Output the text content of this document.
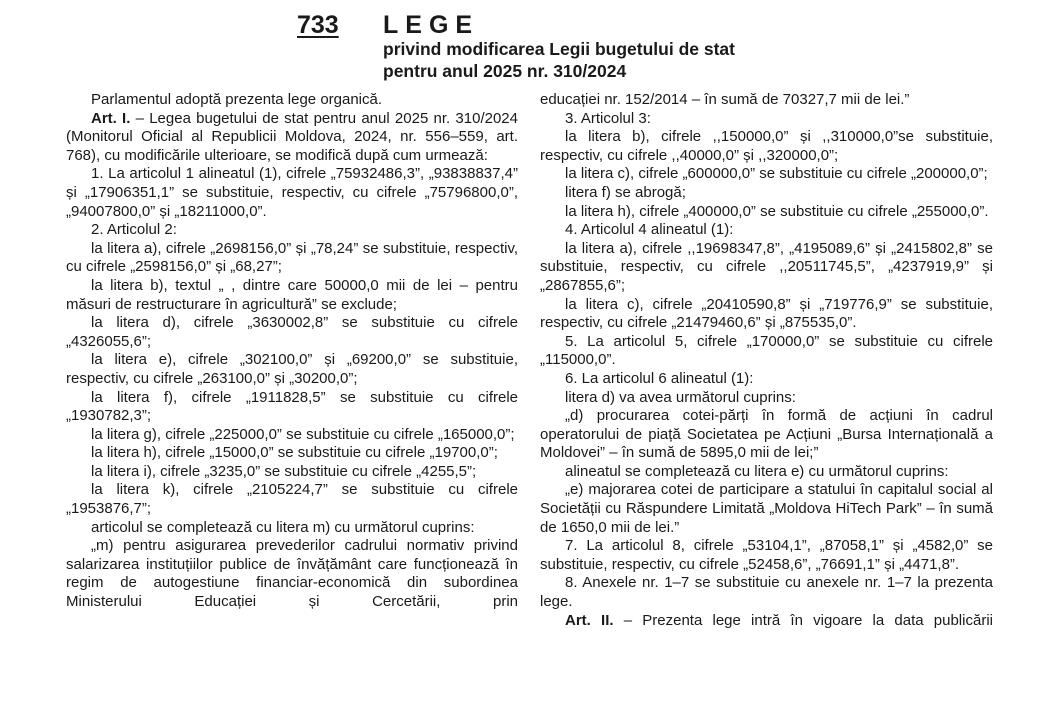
733 LEGE
privind modificarea Legii bugetului de stat
pentru anul 2025 nr. 310/2024

Parlamentul adoptă prezenta lege organică.

Art. I. – Legea bugetului de stat pentru anul 2025 nr. 310/2024 (Monitorul Oficial al Republicii Moldova, 2024, nr. 556–559, art. 768), cu modificările ulterioare, se modifică după cum urmează:

1. La articolul 1 alineatul (1), cifrele „75932486,3”, „93838837,4” și „17906351,1” se substituie, respectiv, cu cifrele „75796800,0”, „94007800,0” și „18211000,0”.

2. Articolul 2:

la litera a), cifrele „2698156,0” și „78,24” se substituie, respectiv, cu cifrele „2598156,0” și „68,27”;

la litera b), textul „ , dintre care 50000,0 mii de lei – pentru măsuri de restructurare în agricultură” se exclude;

la litera d), cifrele „3630002,8” se substituie cu cifrele „4326055,6”;

la litera e), cifrele „302100,0” și „69200,0” se substituie, respectiv, cu cifrele „263100,0” și „30200,0”;

la litera f), cifrele „1911828,5” se substituie cu cifrele „1930782,3”;

la litera g), cifrele „225000,0” se substituie cu cifrele „165000,0”;

la litera h), cifrele „15000,0” se substituie cu cifrele „19700,0”;

la litera i), cifrele „3235,0” se substituie cu cifrele „4255,5”;

la litera k), cifrele „2105224,7” se substituie cu cifrele „1953876,7”;

articolul se completează cu litera m) cu următorul cuprins:

„m) pentru asigurarea prevederilor cadrului normativ privind salarizarea instituțiilor publice de învățământ care funcționează în regim de autogestiune financiar-economică din subordinea Ministerului Educației și Cercetării, prin

educației nr. 152/2014 – în sumă de 70327,7 mii de lei.”

3. Articolul 3:

la litera b), cifrele ,,150000,0” și ,,310000,0”se substituie, respectiv, cu cifrele ,,40000,0” și ,,320000,0”;

la litera c), cifrele „600000,0” se substituie cu cifrele „200000,0”;

litera f) se abrogă;

la litera h), cifrele „400000,0” se substituie cu cifrele „255000,0”.

4. Articolul 4 alineatul (1):

la litera a), cifrele ,,19698347,8”, „4195089,6” și „2415802,8” se substituie, respectiv, cu cifrele ,,20511745,5”, „4237919,9” și „2867855,6”;

la litera c), cifrele „20410590,8” și „719776,9” se substituie, respectiv, cu cifrele „21479460,6” și „875535,0”.

5. La articolul 5, cifrele „170000,0” se substituie cu cifrele „115000,0”.

6. La articolul 6 alineatul (1):

litera d) va avea următorul cuprins:

„d) procurarea cotei-părți în formă de acțiuni în cadrul operatorului de piață Societatea pe Acțiuni „Bursa Internațională a Moldovei” – în sumă de 5895,0 mii de lei;”

alineatul se completează cu litera e) cu următorul cuprins:

„e) majorarea cotei de participare a statului în capitalul social al Societății cu Răspundere Limitată „Moldova HiTech Park” – în sumă de 1650,0 mii de lei.”

7. La articolul 8, cifrele „53104,1”, „87058,1” și „4582,0” se substituie, respectiv, cu cifrele „52458,6”, „76691,1” și „4471,8”.

8. Anexele nr. 1–7 se substituie cu anexele nr. 1–7 la prezenta lege.

Art. II. – Prezenta lege intră în vigoare la data publicării
